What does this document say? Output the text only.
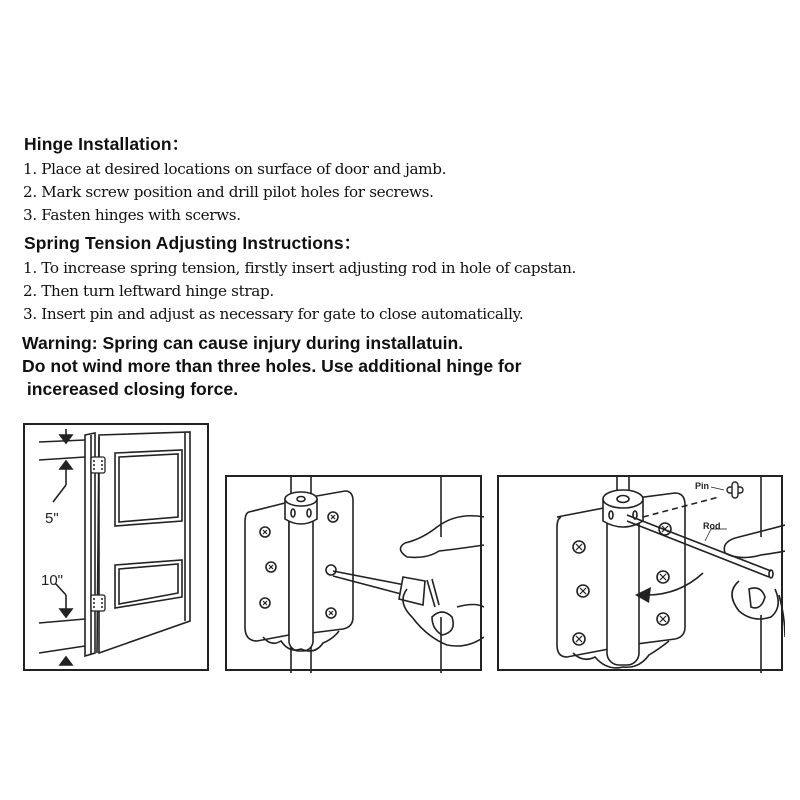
Hinge Installation：
1. Place at desired locations on surface of door and jamb.
2. Mark screw position and drill pilot holes for secrews.
3. Fasten hinges with scerws.
Spring Tension Adjusting Instructions：
1. To increase spring tension, firstly insert adjusting rod in hole of capstan.
2. Then turn leftward hinge strap.
3. Insert pin and adjust as necessary for gate to close automatically.
Warning: Spring can cause injury during installatuin.
Do not wind more than three holes. Use additional hinge for
incereased closing force.
5"
10"
Pin
Rod
